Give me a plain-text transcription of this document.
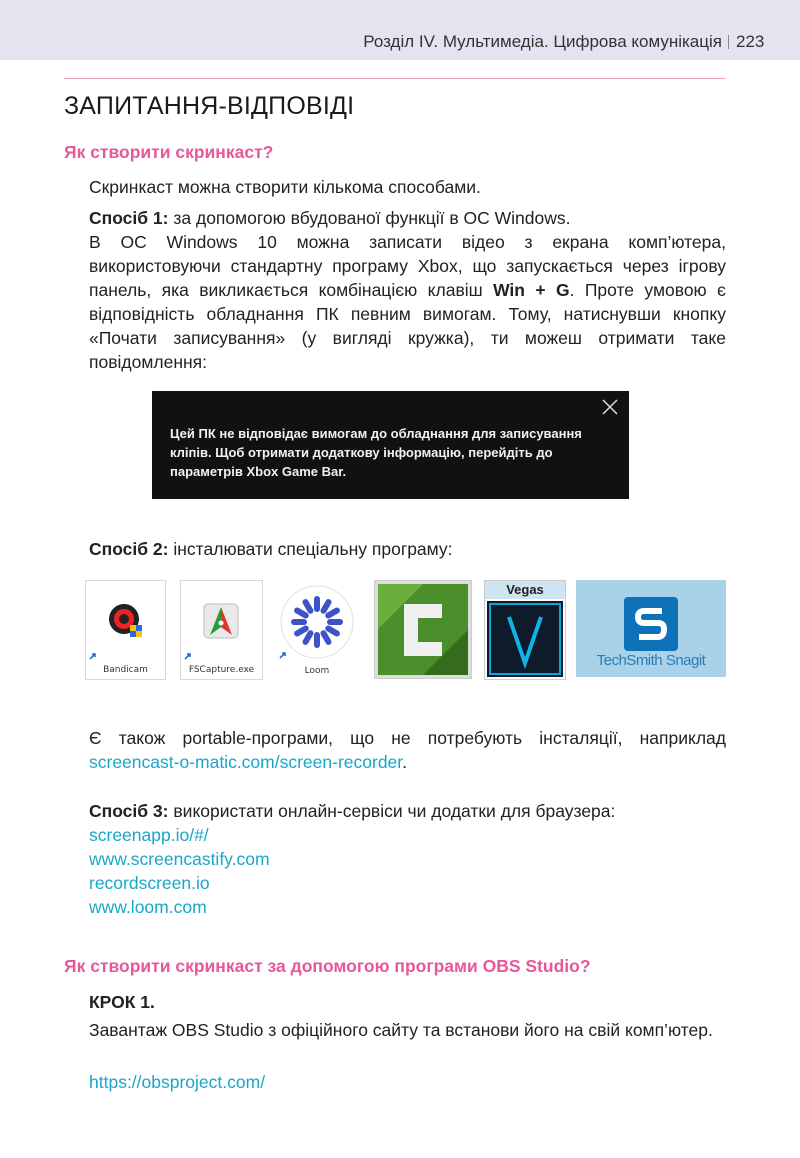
Розділ IV. Мультимедіа. Цифрова комунікація 223
ЗАПИТАННЯ-ВІДПОВІДІ
Як створити скринкаст?
Скринкаст можна створити кількома способами.
Спосіб 1: за допомогою вбудованої функції в ОС Windows.
В ОС Windows 10 можна записати відео з екрана комп’ютера, використовуючи стандартну програму Xbox, що запускається через ігрову панель, яка викликається комбінацією клавіш Win + G. Проте умовою є відповідність обладнання ПК певним вимогам. Тому, натиснувши кнопку «Почати записування» (у вигляді кружка), ти можеш отримати таке повідомлення:
Цей ПК не відповідає вимогам до обладнання для записування кліпів. Щоб отримати додаткову інформацію, перейдіть до параметрів Xbox Game Bar.
Спосіб 2: інсталювати спеціальну програму:
Bandicam	FSCapture.exe	Loom
Vegas
TechSmith Snagit
Є також portable-програми, що не потребують інсталяції, наприклад screencast-o-matic.com/screen-recorder.
Спосіб 3: використати онлайн-сервіси чи додатки для браузера:
screenapp.io/#/
www.screencastify.com
recordscreen.io
www.loom.com
Як створити скринкаст за допомогою програми OBS Studio?
КРОК 1.
Завантаж OBS Studio з офіційного сайту та встанови його на свій комп’ютер.
https://obsproject.com/
